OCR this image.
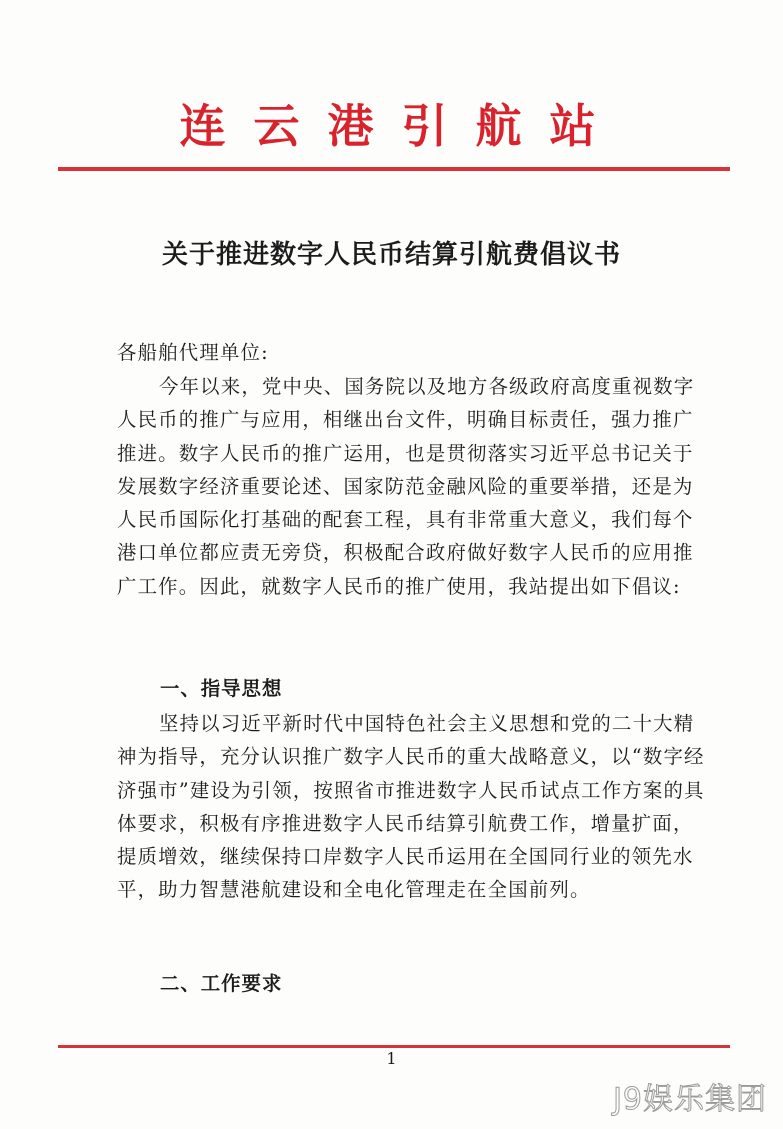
连云港引航站
关于推进数字人民币结算引航费倡议书
各船舶代理单位:
今年以来，党中央、国务院以及地方各级政府高度重视数字人民币的推广与应用，相继出台文件，明确目标责任，强力推广推进。数字人民币的推广运用，也是贯彻落实习近平总书记关于发展数字经济重要论述、国家防范金融风险的重要举措，还是为人民币国际化打基础的配套工程，具有非常重大意义，我们每个港口单位都应责无旁贷，积极配合政府做好数字人民币的应用推广工作。因此，就数字人民币的推广使用，我站提出如下倡议:
一、指导思想
坚持以习近平新时代中国特色社会主义思想和党的二十大精神为指导，充分认识推广数字人民币的重大战略意义，以“数字经济强市”建设为引领，按照省市推进数字人民币试点工作方案的具体要求，积极有序推进数字人民币结算引航费工作，增量扩面，提质增效，继续保持口岸数字人民币运用在全国同行业的领先水平，助力智慧港航建设和全电化管理走在全国前列。
二、工作要求
1
J9娱乐集团
